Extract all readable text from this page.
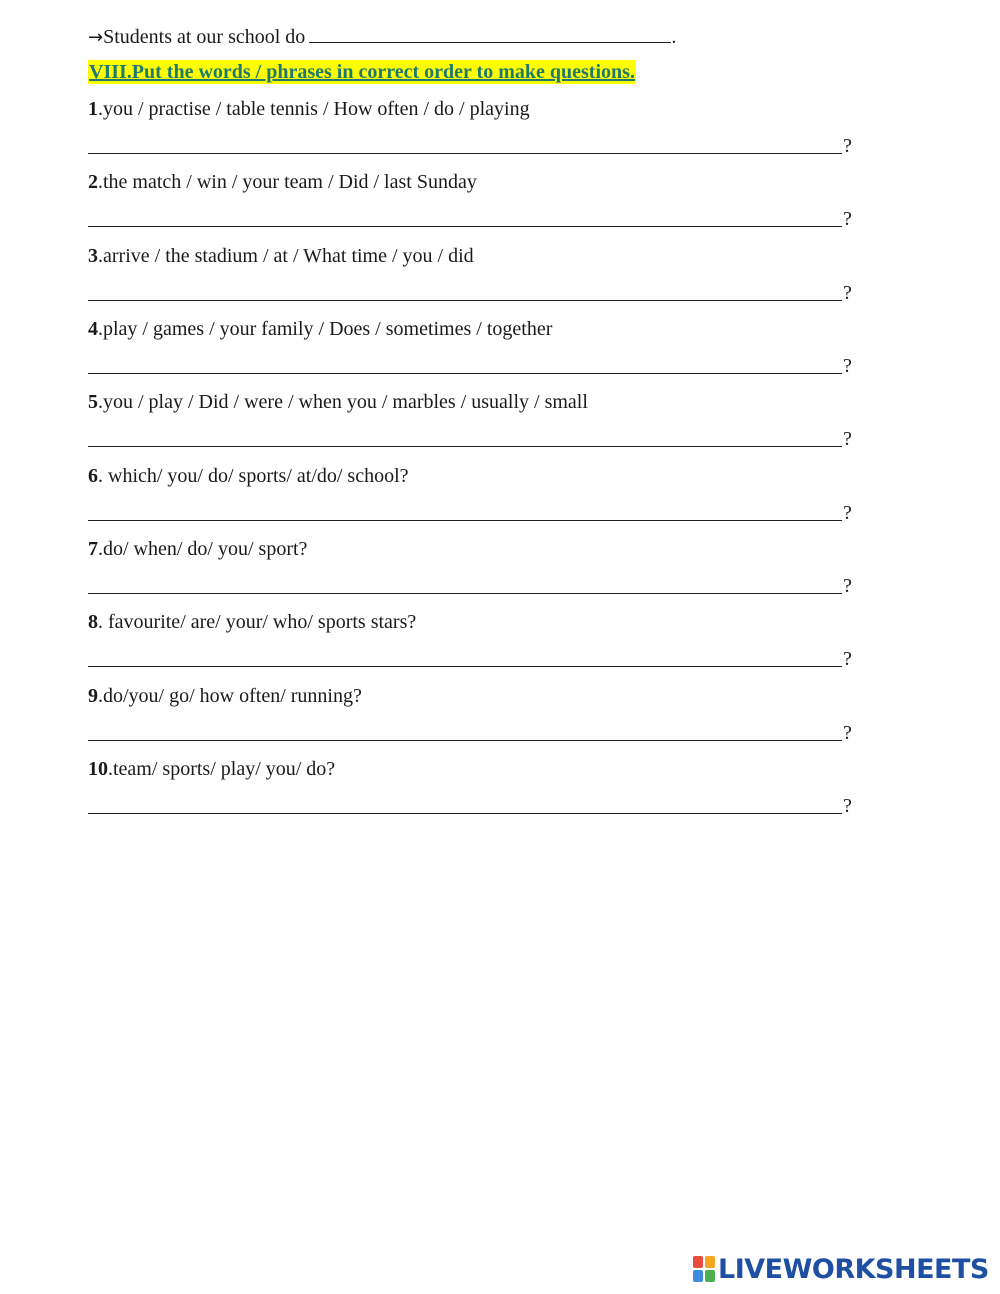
→Students at our school do	.
VIII.Put the words / phrases in correct order to make questions.
1.you / practise / table tennis / How often / do / playing
?
2.the match / win / your team / Did / last Sunday
?
3.arrive / the stadium / at / What time / you / did
?
4.play / games / your family / Does / sometimes / together
?
5.you / play / Did / were / when you / marbles / usually / small
?
6. which/ you/ do/ sports/ at/do/ school?
?
7.do/ when/ do/ you/ sport?
?
8. favourite/ are/ your/ who/ sports stars?
?
9.do/you/ go/ how often/ running?
?
10.team/ sports/ play/ you/ do?
?
LIVEWORKSHEETS
